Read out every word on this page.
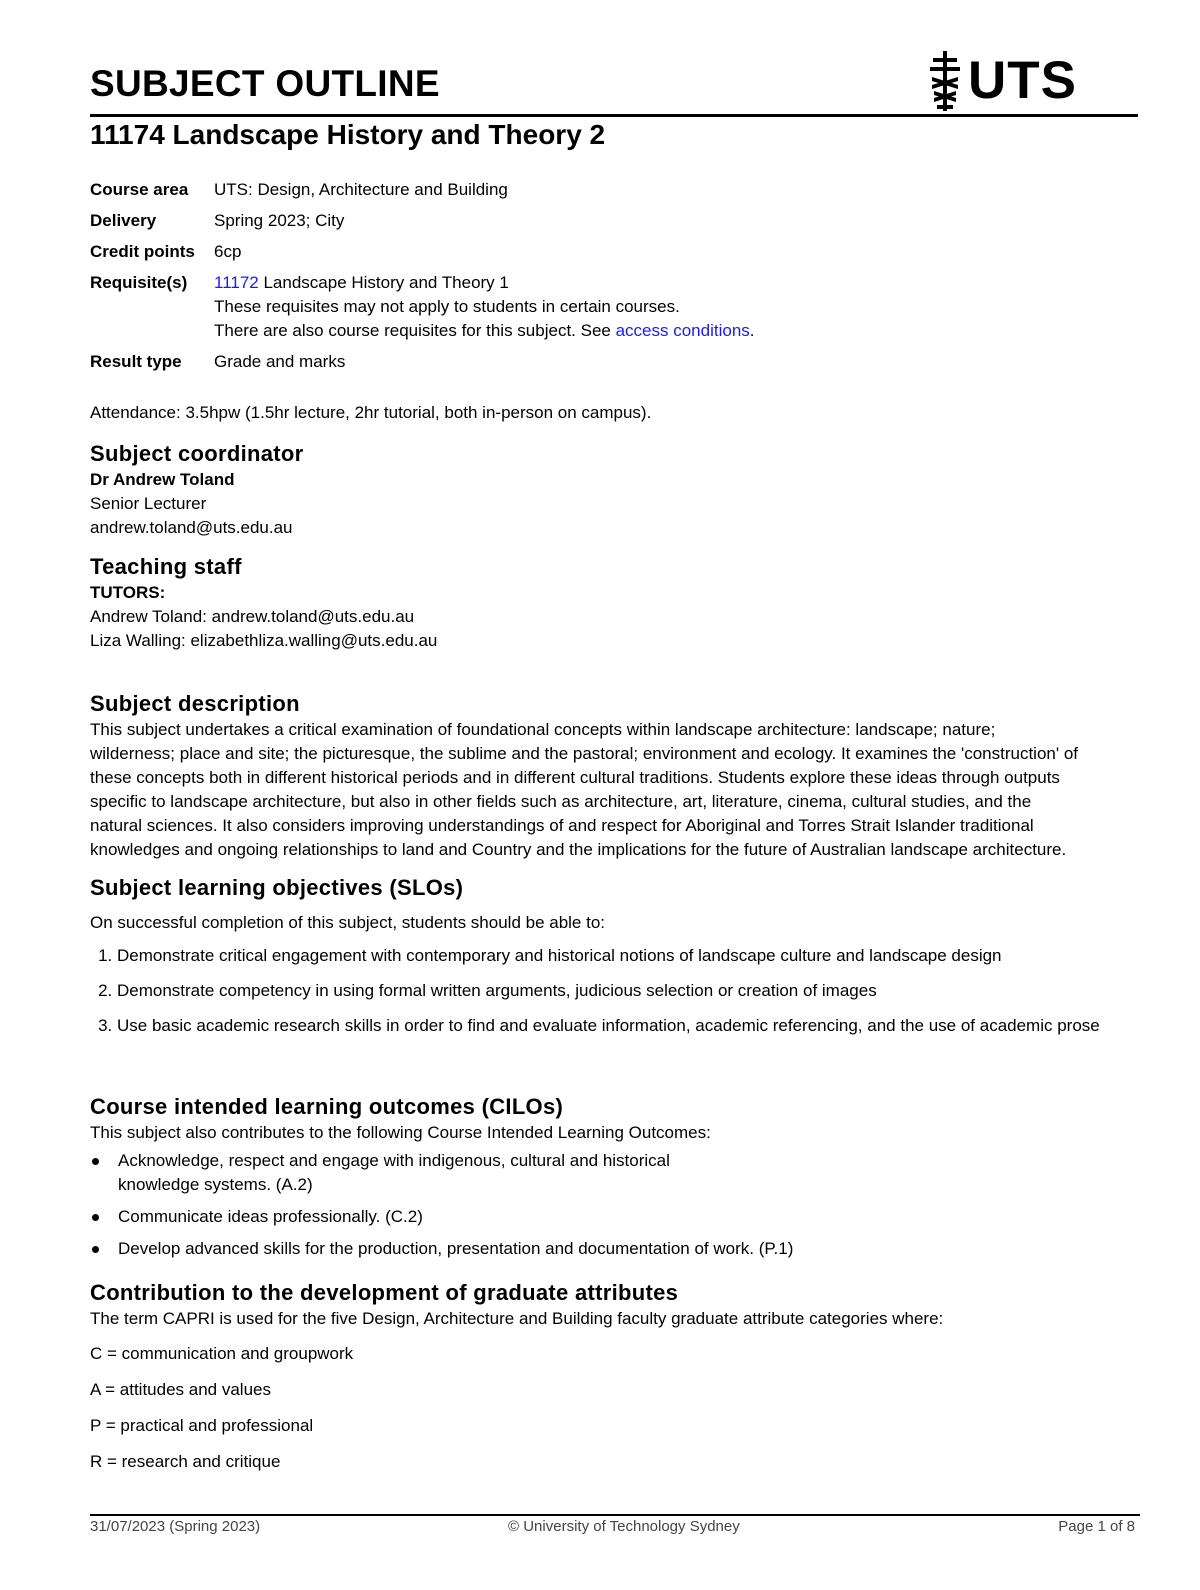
SUBJECT OUTLINE	UTS
11174 Landscape History and Theory 2
Course area	UTS: Design, Architecture and Building
Delivery	Spring 2023; City
Credit points	6cp
Requisite(s)	11172 Landscape History and Theory 1
These requisites may not apply to students in certain courses.
There are also course requisites for this subject. See access conditions.
Result type	Grade and marks

Attendance: 3.5hpw (1.5hr lecture, 2hr tutorial, both in-person on campus).

Subject coordinator

Dr Andrew Toland

Senior Lecturer

andrew.toland@uts.edu.au

Teaching staff

TUTORS:

Andrew Toland: andrew.toland@uts.edu.au

Liza Walling: elizabethliza.walling@uts.edu.au

Subject description

This subject undertakes a critical examination of foundational concepts within landscape architecture: landscape; nature;

wilderness; place and site; the picturesque, the sublime and the pastoral; environment and ecology. It examines the 'construction' of

these concepts both in different historical periods and in different cultural traditions. Students explore these ideas through outputs

specific to landscape architecture, but also in other fields such as architecture, art, literature, cinema, cultural studies, and the

natural sciences. It also considers improving understandings of and respect for Aboriginal and Torres Strait Islander traditional

knowledges and ongoing relationships to land and Country and the implications for the future of Australian landscape architecture.

Subject learning objectives (SLOs)

On successful completion of this subject, students should be able to:

1. Demonstrate critical engagement with contemporary and historical notions of landscape culture and landscape design
2. Demonstrate competency in using formal written arguments, judicious selection or creation of images
3. Use basic academic research skills in order to find and evaluate information, academic referencing, and the use of academic prose
Course intended learning outcomes (CILOs)

This subject also contributes to the following Course Intended Learning Outcomes:

Acknowledge, respect and engage with indigenous, cultural and historical
knowledge systems. (A.2)
Communicate ideas professionally. (C.2)
Develop advanced skills for the production, presentation and documentation of work. (P.1)
Contribution to the development of graduate attributes

The term CAPRI is used for the five Design, Architecture and Building faculty graduate attribute categories where:

C = communication and groupwork

A = attitudes and values

P = practical and professional

R = research and critique

31/07/2023 (Spring 2023)	© University of Technology Sydney	Page 1 of 8
